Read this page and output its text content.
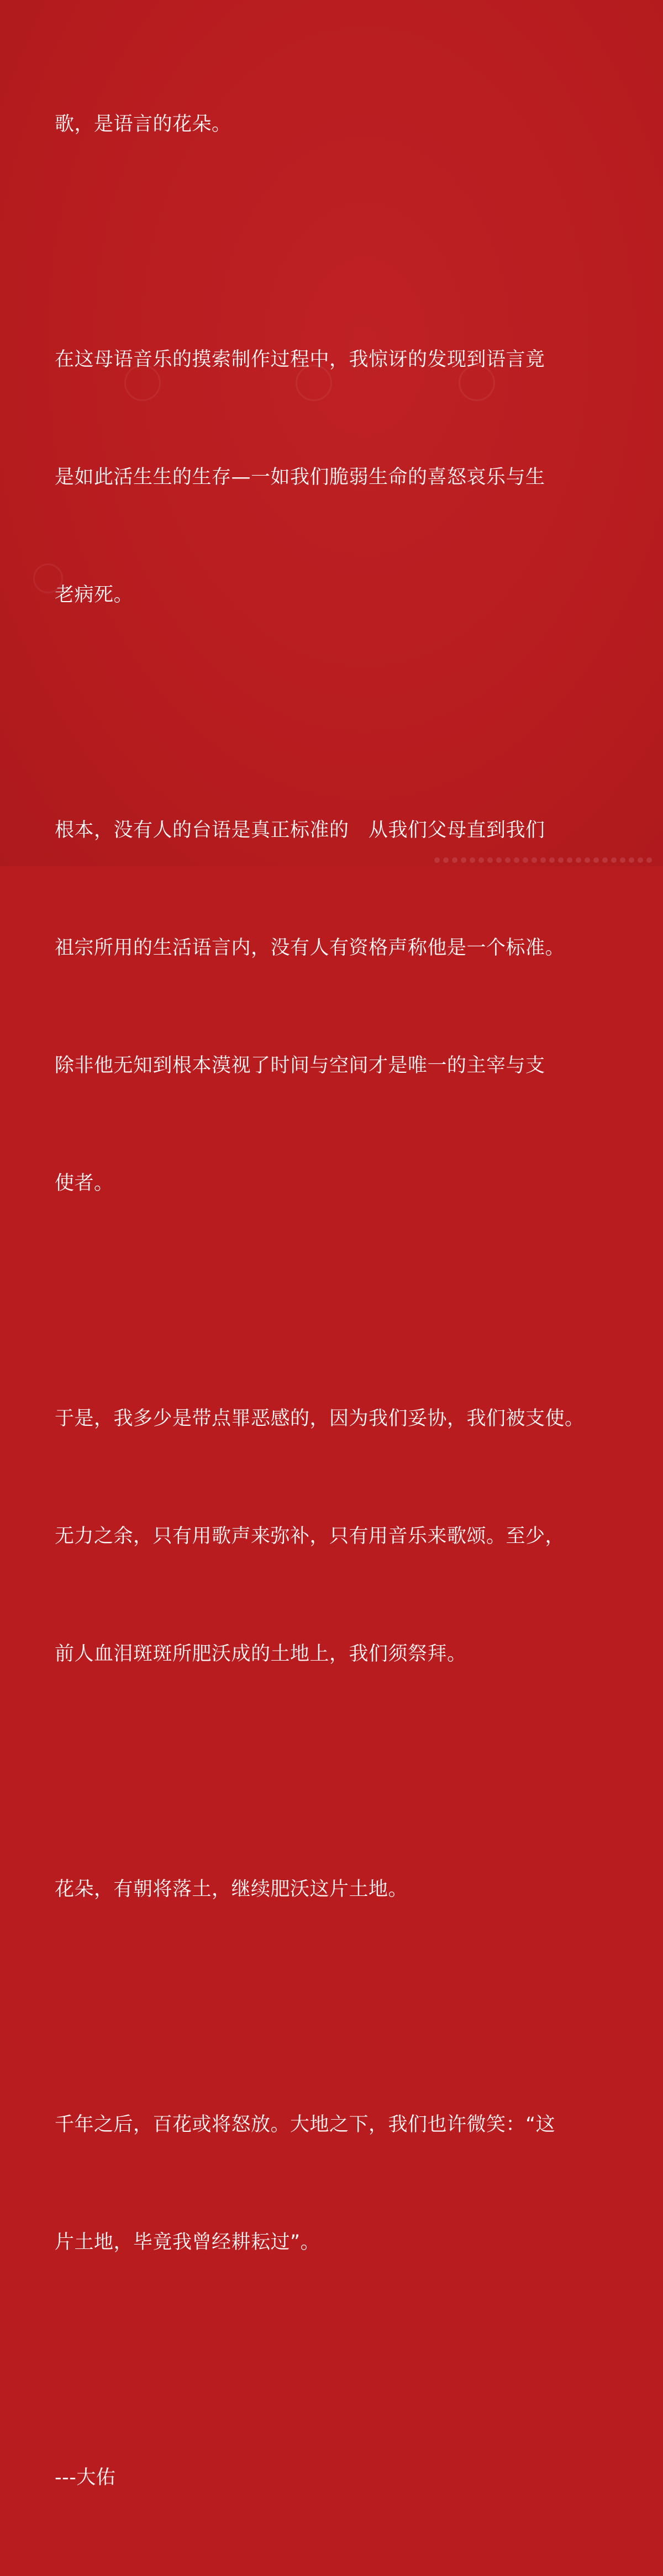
歌，是语言的花朵。

在这母语音乐的摸索制作过程中，我惊讶的发现到语言竟

是如此活生生的生存—一如我们脆弱生命的喜怒哀乐与生

老病死。

根本，没有人的台语是真正标准的　从我们父母直到我们

祖宗所用的生活语言内，没有人有资格声称他是一个标准。

除非他无知到根本漠视了时间与空间才是唯一的主宰与支

使者。

于是，我多少是带点罪恶感的，因为我们妥协，我们被支使。

无力之余，只有用歌声来弥补，只有用音乐来歌颂。至少，

前人血泪斑斑所肥沃成的土地上，我们须祭拜。

花朵，有朝将落土，继续肥沃这片土地。

千年之后，百花或将怒放。大地之下，我们也许微笑：“这

片土地，毕竟我曾经耕耘过”。

---大佑
